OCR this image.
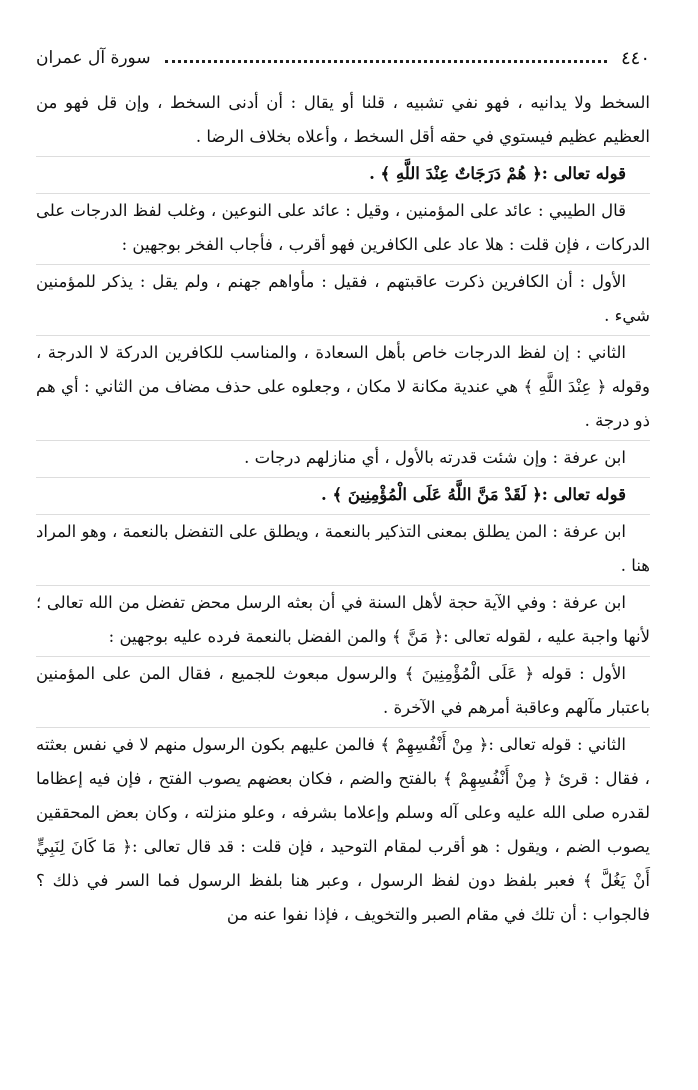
٤٤٠
سورة آل عمران

السخط ولا يدانيه ، فهو نفي تشبيه ، قلنا أو يقال : أن أدنى السخط ، وإن قل فهو من العظيم عظيم فيستوي في حقه أقل السخط ، وأعلاه بخلاف الرضا .

قوله تعالى :﴿ هُمْ دَرَجَاتٌ عِنْدَ اللَّهِ ﴾ .

قال الطيبي : عائد على المؤمنين ، وقيل : عائد على النوعين ، وغلب لفظ الدرجات على الدركات ، فإن قلت : هلا عاد على الكافرين فهو أقرب ، فأجاب الفخر بوجهين :

الأول : أن الكافرين ذكرت عاقبتهم ، فقيل : مأواهم جهنم ، ولم يقل : يذكر للمؤمنين شيء .

الثاني : إن لفظ الدرجات خاص بأهل السعادة ، والمناسب للكافرين الدركة لا الدرجة ، وقوله ﴿ عِنْدَ اللَّهِ ﴾ هي عندية مكانة لا مكان ، وجعلوه على حذف مضاف من الثاني : أي هم ذو درجة .

ابن عرفة : وإن شئت قدرته بالأول ، أي منازلهم درجات .

قوله تعالى :﴿ لَقَدْ مَنَّ اللَّهُ عَلَى الْمُؤْمِنِينَ ﴾ .

ابن عرفة : المن يطلق بمعنى التذكير بالنعمة ، ويطلق على التفضل بالنعمة ، وهو المراد هنا .

ابن عرفة : وفي الآية حجة لأهل السنة في أن بعثه الرسل محض تفضل من الله تعالى ؛ لأنها واجبة عليه ، لقوله تعالى :﴿ مَنَّ ﴾ والمن الفضل بالنعمة فرده عليه بوجهين :

الأول : قوله ﴿ عَلَى الْمُؤْمِنِينَ ﴾ والرسول مبعوث للجميع ، فقال المن على المؤمنين باعتبار مآلهم وعاقبة أمرهم في الآخرة .

الثاني : قوله تعالى :﴿ مِنْ أَنْفُسِهِمْ ﴾ فالمن عليهم بكون الرسول منهم لا في نفس بعثته ، فقال : قرئ ﴿ مِنْ أَنْفُسِهِمْ ﴾ بالفتح والضم ، فكان بعضهم يصوب الفتح ، فإن فيه إعظاما لقدره صلى الله عليه وعلى آله وسلم وإعلاما بشرفه ، وعلو منزلته ، وكان بعض المحققين يصوب الضم ، ويقول : هو أقرب لمقام التوحيد ، فإن قلت : قد قال تعالى :﴿ مَا كَانَ لِنَبِيٍّ أَنْ يَغُلَّ ﴾ فعبر بلفظ دون لفظ الرسول ، وعبر هنا بلفظ الرسول فما السر في ذلك ؟ فالجواب : أن تلك في مقام الصبر والتخويف ، فإذا نفوا عنه من
